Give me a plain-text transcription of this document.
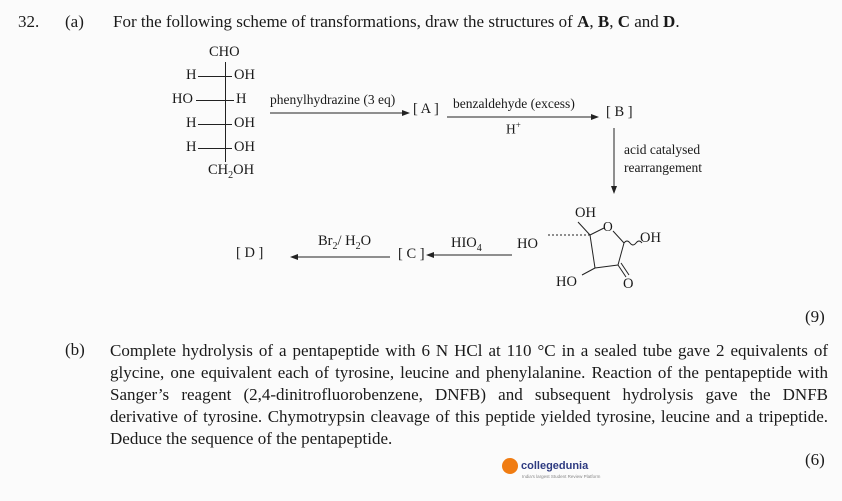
32. (a) For the following scheme of transformations, draw the structures of A, B, C and D.
CHO
H	OH
HO	H
H	OH
H	OH
$CH_2OH$
phenylhydrazine (3 eq)
[ A ] benzaldehyde (excess)
H+
[ B ]
acid catalysed
rearrangement
OH
O
OH
HO
HO	O
$HIO_4$
[ C ]
$Br_2/$ $H_2O$
[ D ]
(9)
(b) Complete hydrolysis of a pentapeptide with 6 N HCl at 110 °C in a sealed tube gave 2 equivalents of glycine, one equivalent each of tyrosine, leucine and phenylalanine. Reaction of the pentapeptide with Sanger’s reagent (2,4-dinitrofluorobenzene, DNFB) and subsequent hydrolysis gave the DNFB derivative of tyrosine. Chymotrypsin cleavage of this peptide yielded tyrosine, leucine and a tripeptide. Deduce the sequence of the pentapeptide.
(6)
collegedunia
India's largest Student Review Platform
